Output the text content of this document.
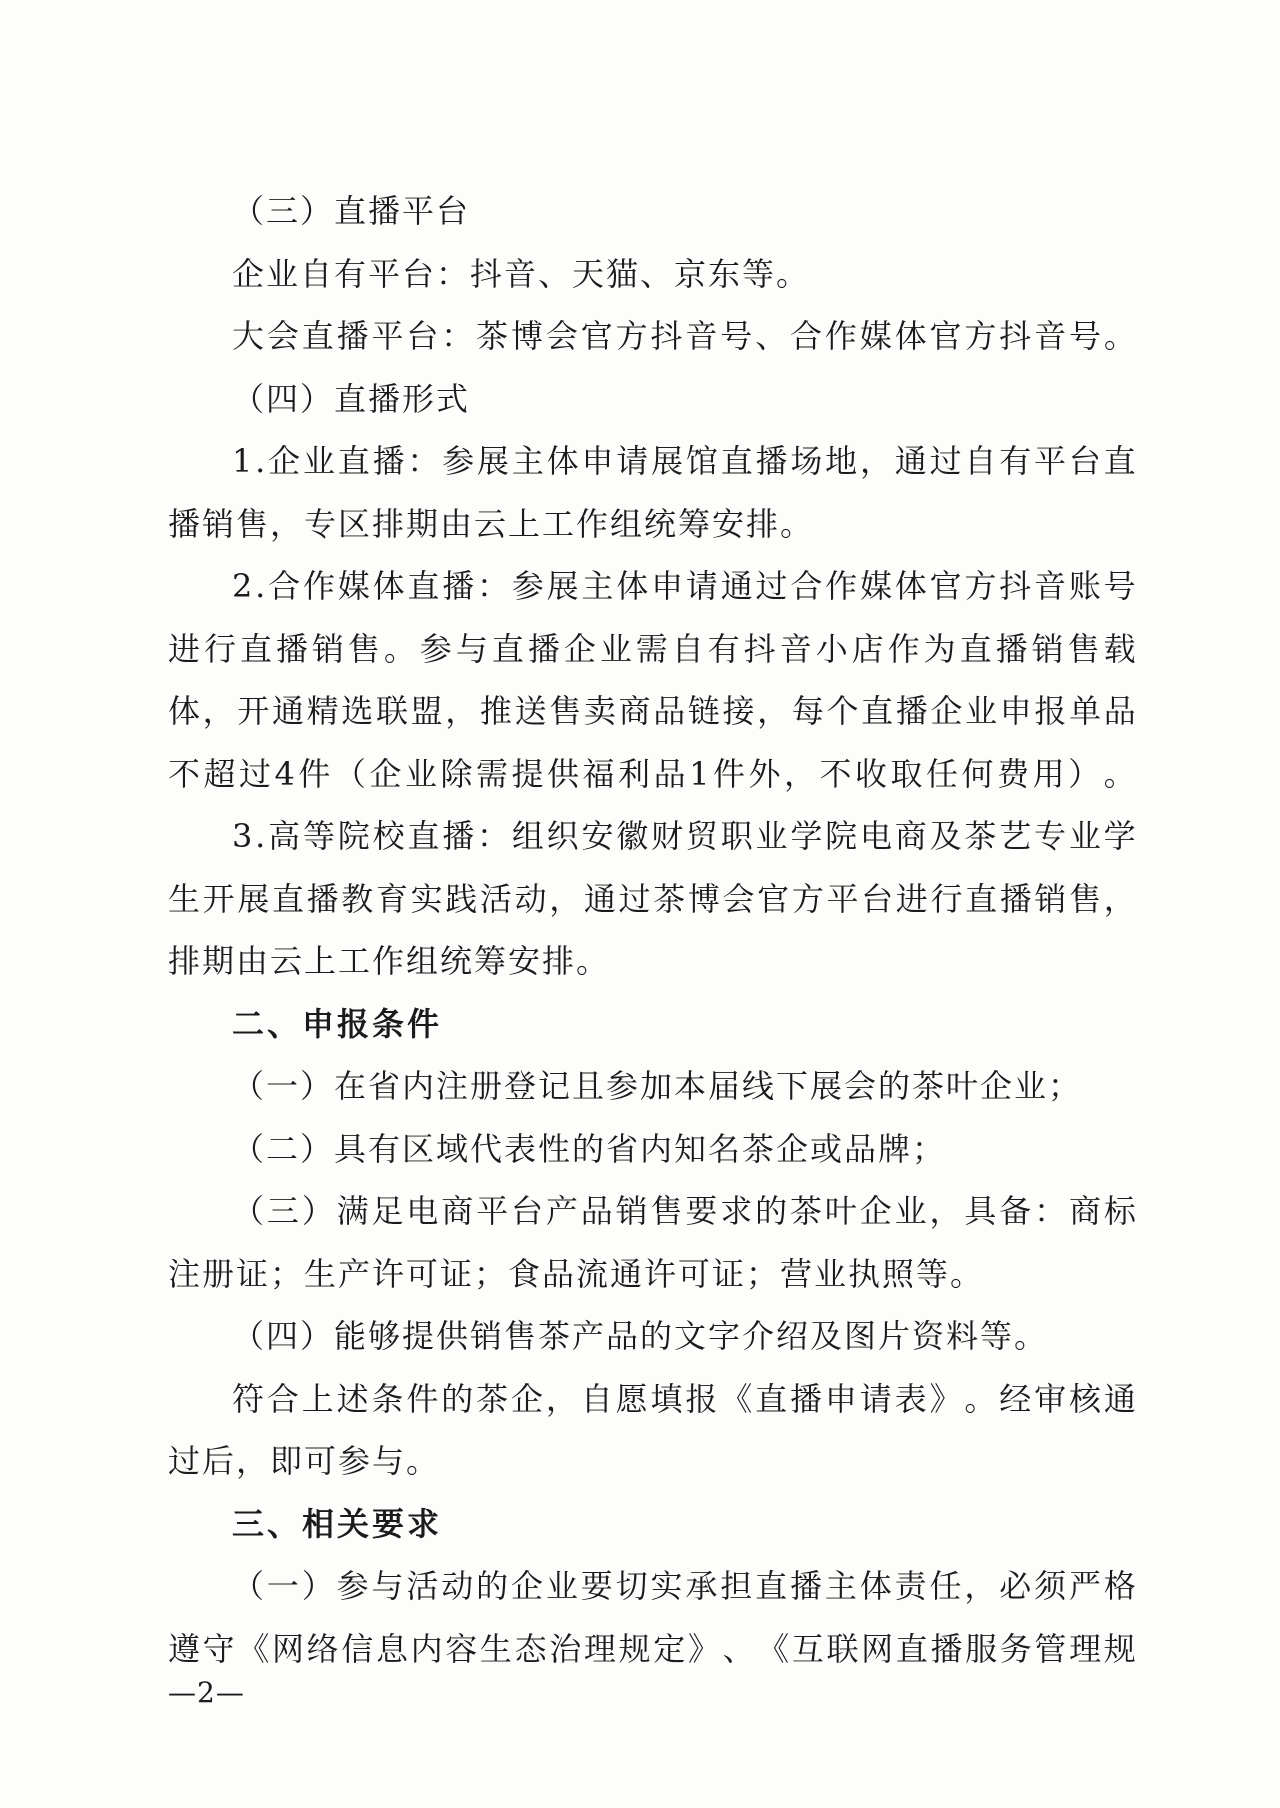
（三）直播平台
企业自有平台：抖音、天猫、京东等。
大 会 直 播 平 台 ： 茶 博 会 官 方 抖 音 号 、 合 作 媒 体 官 方 抖 音 号 。
（四）直播形式
1 . 企 业 直 播 ： 参 展 主 体 申 请 展 馆 直 播 场 地 ， 通 过 自 有 平 台 直
播销售，专区排期由云上工作组统筹安排。
2 . 合 作 媒 体 直 播 ： 参 展 主 体 申 请 通 过 合 作 媒 体 官 方 抖 音 账 号
进 行 直 播 销 售 。 参 与 直 播 企 业 需 自 有 抖 音 小 店 作 为 直 播 销 售 载
体 ， 开 通 精 选 联 盟 ， 推 送 售 卖 商 品 链 接 ， 每 个 直 播 企 业 申 报 单 品
不 超 过 4 件 （ 企 业 除 需 提 供 福 利 品 1 件 外 ， 不 收 取 任 何 费 用 ） 。
3 . 高 等 院 校 直 播 ： 组 织 安 徽 财 贸 职 业 学 院 电 商 及 茶 艺 专 业 学
生 开 展 直 播 教 育 实 践 活 动 ， 通 过 茶 博 会 官 方 平 台 进 行 直 播 销 售 ，
排期由云上工作组统筹安排。
二、申报条件
（一）在省内注册登记且参加本届线下展会的茶叶企业；
（二）具有区域代表性的省内知名茶企或品牌；
（ 三 ） 满 足 电 商 平 台 产 品 销 售 要 求 的 茶 叶 企 业 ， 具 备 ： 商 标
注册证；生产许可证；食品流通许可证；营业执照等。
（四）能够提供销售茶产品的文字介绍及图片资料等。
符 合 上 述 条 件 的 茶 企 ， 自 愿 填 报 《 直 播 申 请 表 》 。 经 审 核 通
过后，即可参与。
三、相关要求
（ 一 ） 参 与 活 动 的 企 业 要 切 实 承 担 直 播 主 体 责 任 ， 必 须 严 格
遵 守 《 网 络 信 息 内 容 生 态 治 理 规 定 》 、 《 互 联 网 直 播 服 务 管 理 规
—2—
